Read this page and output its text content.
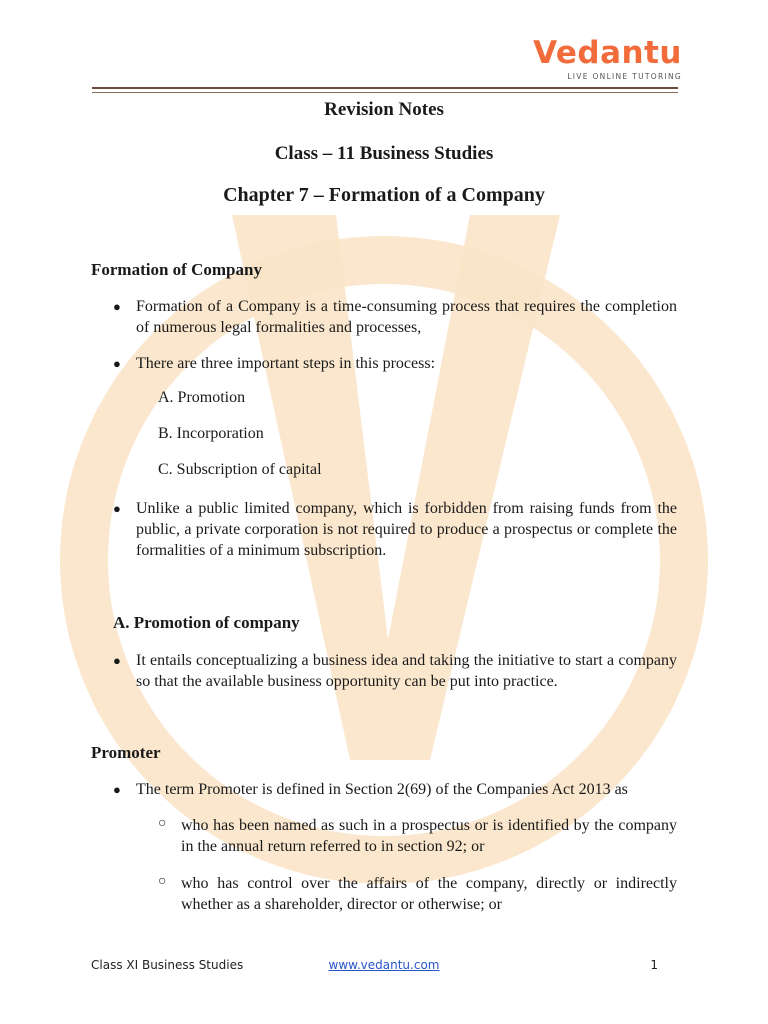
Vedantu
LIVE ONLINE TUTORING
Revision Notes
Class – 11 Business Studies
Chapter 7 – Formation of a Company
Formation of Company
● Formation of a Company is a time-consuming process that requires the completion of numerous legal formalities and processes,
● There are three important steps in this process:
A. Promotion
B. Incorporation
C. Subscription of capital
● Unlike a public limited company, which is forbidden from raising funds from the public, a private corporation is not required to produce a prospectus or complete the formalities of a minimum subscription.
A. Promotion of company
● It entails conceptualizing a business idea and taking the initiative to start a company so that the available business opportunity can be put into practice.
Promoter
● The term Promoter is defined in Section 2(69) of the Companies Act 2013 as
○ who has been named as such in a prospectus or is identified by the company in the annual return referred to in section 92; or
○ who has control over the affairs of the company, directly or indirectly whether as a shareholder, director or otherwise; or
Class XI Business Studies	www.vedantu.com	1
